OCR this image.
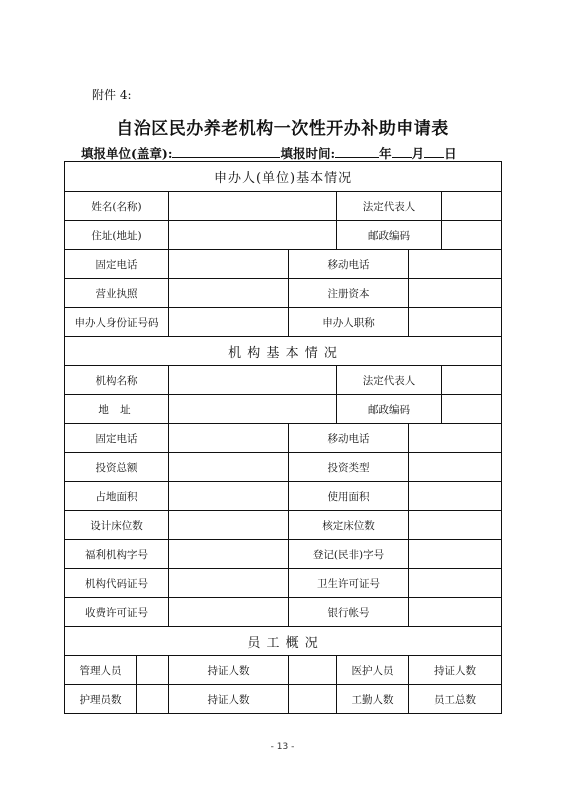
附件 4:
自治区民办养老机构一次性开办补助申请表
填报单位(盖章):	填报时间:	年 月 日
申办人(单位)基本情况						
姓名(名称)				法定代表人		
住址(地址)				邮政编码		
固定电话			移动电话			
营业执照			注册资本			
申办人身份证号码			申办人职称			
机 构 基 本 情 况						
机构名称				法定代表人		
地 址				邮政编码		
固定电话			移动电话			
投资总额			投资类型			
占地面积			使用面积			
设计床位数			核定床位数			
福利机构字号			登记(民非)字号			
机构代码证号			卫生许可证号			
收费许可证号			银行帐号			
员 工 概 况						
管理人员		持证人数		医护人员	持证人数	
护理员数		持证人数		工勤人数	员工总数	
- 13 -
